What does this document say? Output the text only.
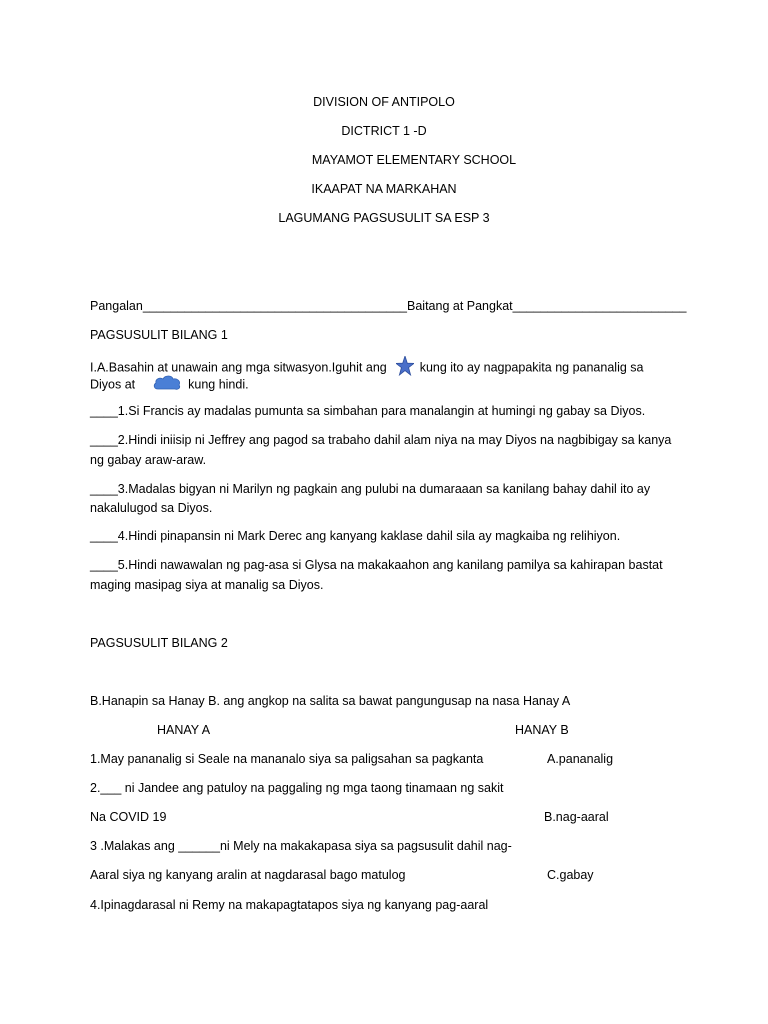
DIVISION OF ANTIPOLO
DICTRICT 1 -D
MAYAMOT ELEMENTARY SCHOOL
IKAAPAT NA MARKAHAN
LAGUMANG PAGSUSULIT SA ESP 3
Pangalan______________________________________Baitang at Pangkat_________________________
PAGSUSULIT BILANG 1
I.A.Basahin at unawain ang mga sitwasyon.Iguhit ang	kung ito ay nagpapakita ng pananalig sa
Diyos at	kung hindi.
____1.Si Francis ay madalas pumunta sa simbahan para manalangin at humingi ng gabay sa Diyos.
____2.Hindi iniisip ni Jeffrey ang pagod sa trabaho dahil alam niya na may Diyos na nagbibigay sa kanya
ng gabay araw-araw.
____3.Madalas bigyan ni Marilyn ng pagkain ang pulubi na dumaraaan sa kanilang bahay dahil ito ay
nakalulugod sa Diyos.
____4.Hindi pinapansin ni Mark Derec ang kanyang kaklase dahil sila ay magkaiba ng relihiyon.
____5.Hindi nawawalan ng pag-asa si Glysa na makakaahon ang kanilang pamilya sa kahirapan bastat
maging masipag siya at manalig sa Diyos.
PAGSUSULIT BILANG 2
B.Hanapin sa Hanay B. ang angkop na salita sa bawat pangungusap na nasa Hanay A
HANAY A	HANAY B
1.May pananalig si Seale na mananalo siya sa paligsahan sa pagkanta	A.pananalig
2.___ ni Jandee ang patuloy na paggaling ng mga taong tinamaan ng sakit
Na COVID 19	B.nag-aaral
3 .Malakas ang ______ni Mely na makakapasa siya sa pagsusulit dahil nag-
Aaral siya ng kanyang aralin at nagdarasal bago matulog	C.gabay
4.Ipinagdarasal ni Remy na makapagtatapos siya ng kanyang pag-aaral
